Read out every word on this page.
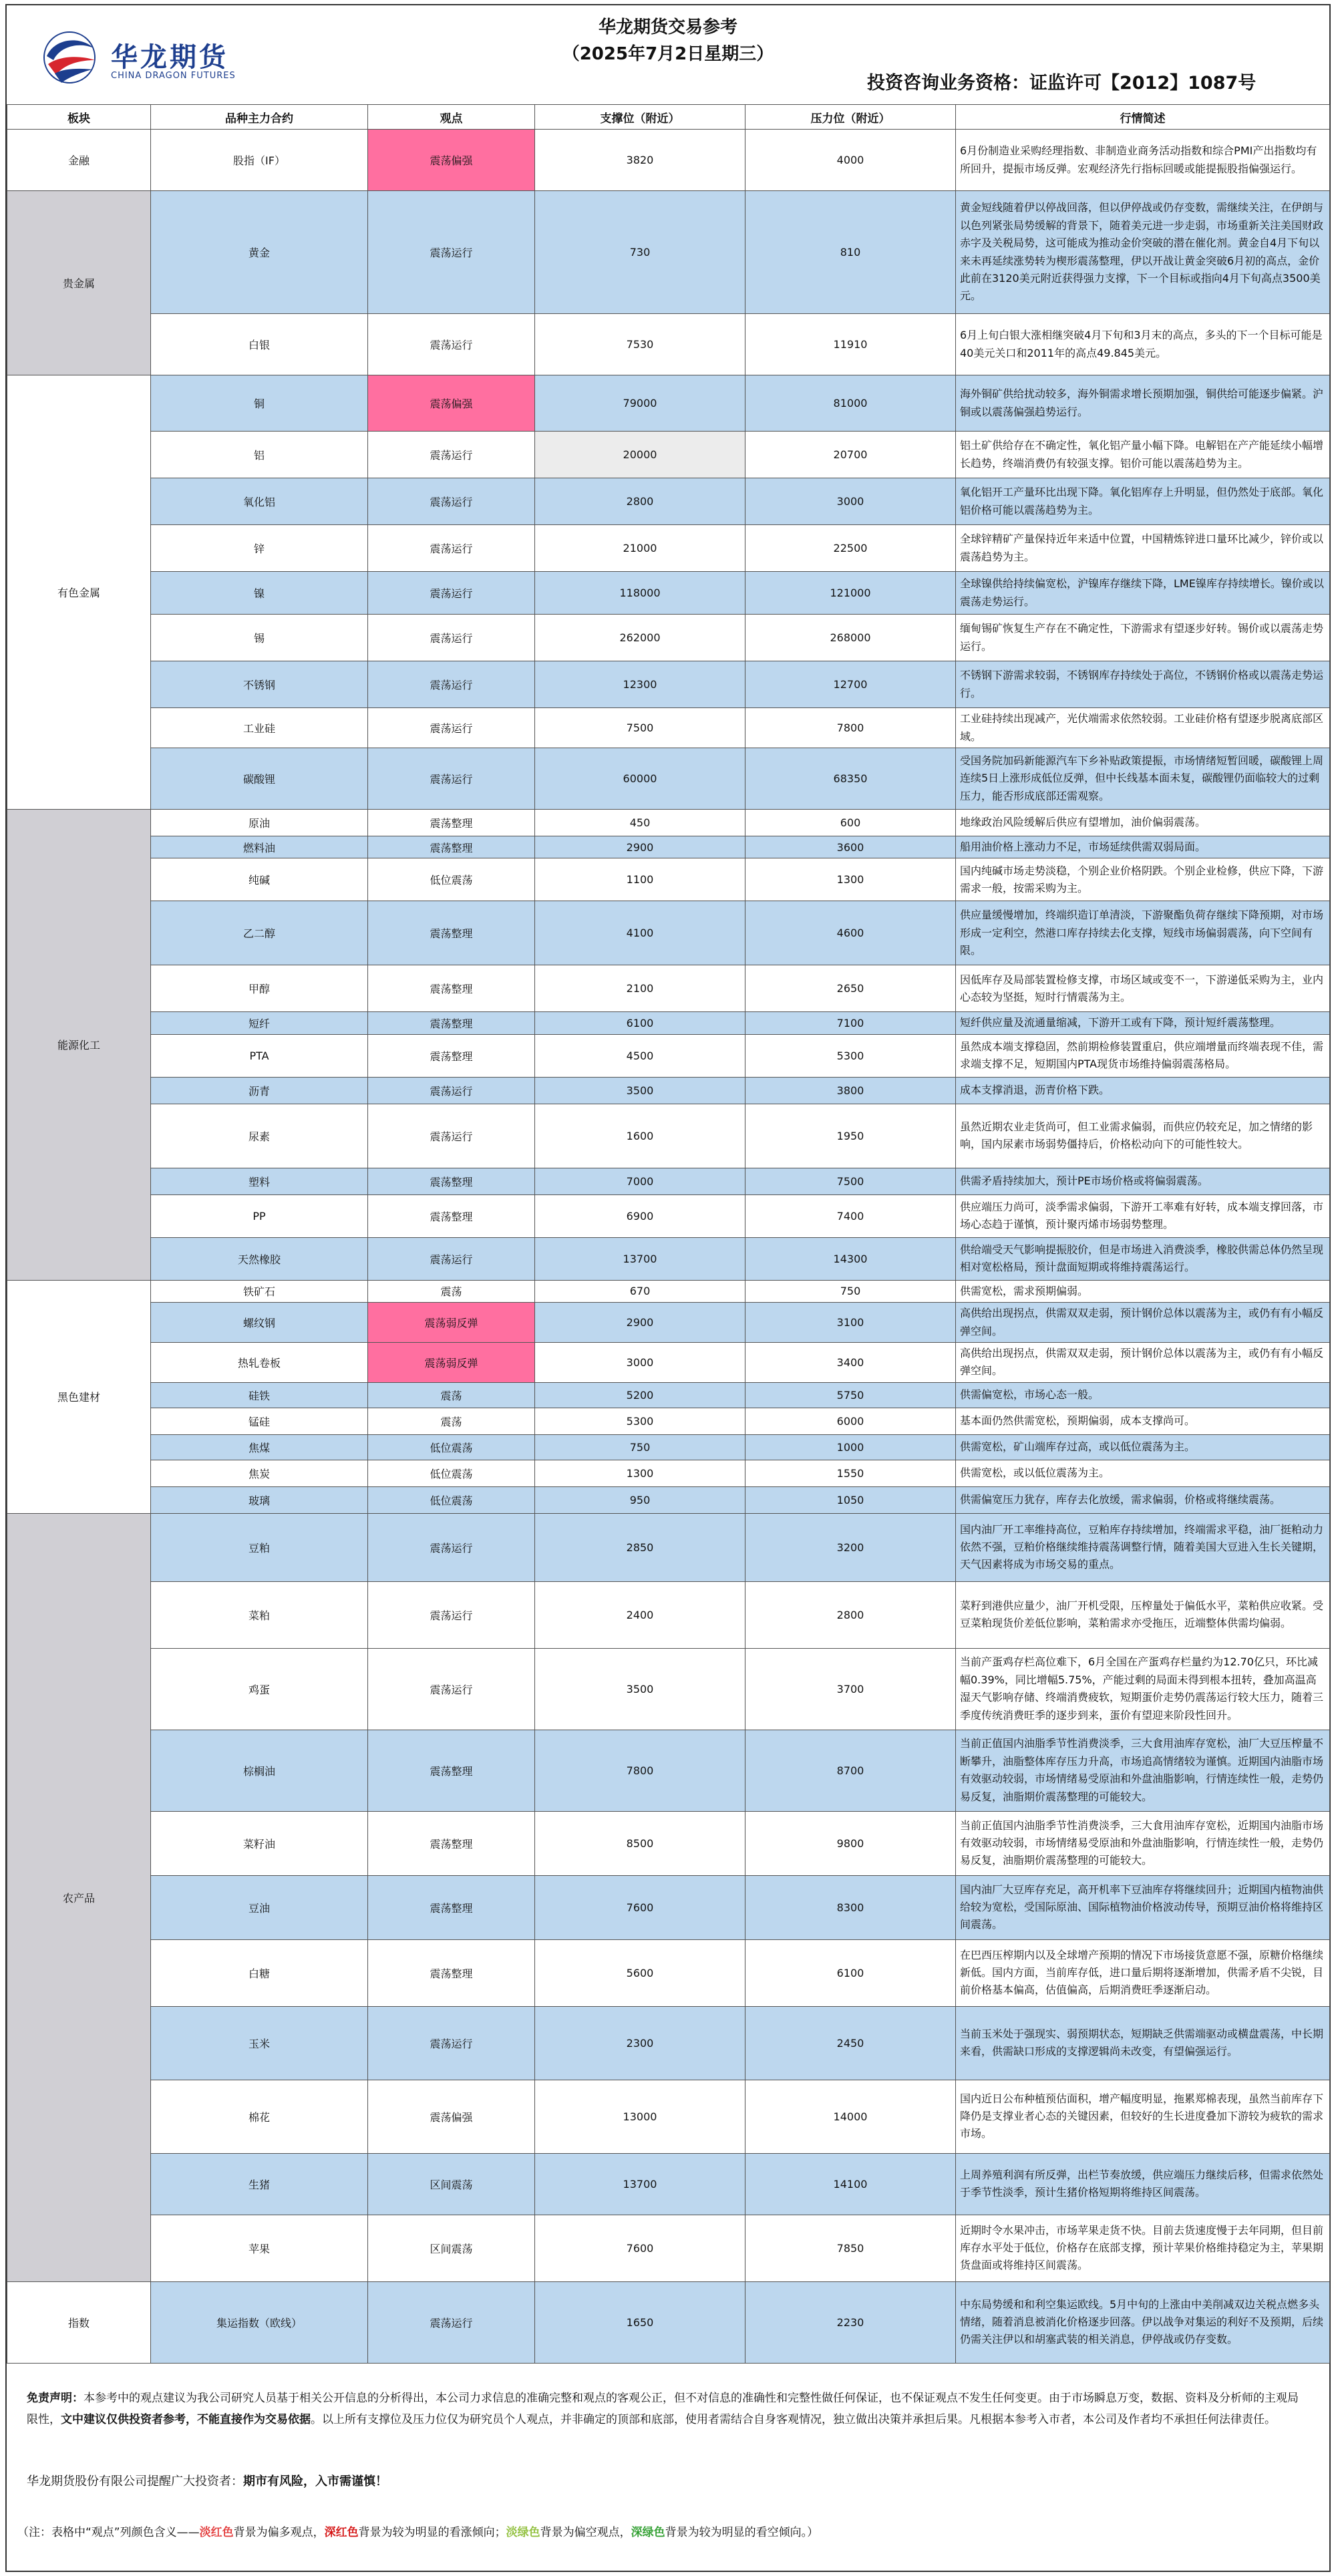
华龙期货
CHINA DRAGON FUTURES
华龙期货交易参考
（2025年7月2日星期三）
投资咨询业务资格：证监许可【2012】1087号
板块	品种主力合约	观点	支撑位（附近）	压力位（附近）	行情简述
金融	股指（IF）	震荡偏强	3820	4000	6月份制造业采购经理指数、非制造业商务活动指数和综合PMI产出指数均有所回升，提振市场反弹。宏观经济先行指标回暖或能提振股指偏强运行。
贵金属	黄金	震荡运行	730	810	黄金短线随着伊以停战回落，但以伊停战或仍存变数，需继续关注，在伊朗与以色列紧张局势缓解的背景下，随着美元进一步走弱，市场重新关注美国财政赤字及关税局势，这可能成为推动金价突破的潜在催化剂。黄金自4月下旬以来未再延续涨势转为楔形震荡整理，伊以开战让黄金突破6月初的高点，金价此前在3120美元附近获得强力支撑，下一个目标或指向4月下旬高点3500美元。
	白银	震荡运行	7530	11910	6月上旬白银大涨相继突破4月下旬和3月末的高点，多头的下一个目标可能是40美元关口和2011年的高点49.845美元。
有色金属	铜	震荡偏强	79000	81000	海外铜矿供给扰动较多，海外铜需求增长预期加强，铜供给可能逐步偏紧。沪铜或以震荡偏强趋势运行。
	铝	震荡运行	20000	20700	铝土矿供给存在不确定性，氧化铝产量小幅下降。电解铝在产产能延续小幅增长趋势，终端消费仍有较强支撑。铝价可能以震荡趋势为主。
	氧化铝	震荡运行	2800	3000	氧化铝开工产量环比出现下降。氧化铝库存上升明显，但仍然处于底部。氧化铝价格可能以震荡趋势为主。
	锌	震荡运行	21000	22500	全球锌精矿产量保持近年来适中位置，中国精炼锌进口量环比减少，锌价或以震荡趋势为主。
	镍	震荡运行	118000	121000	全球镍供给持续偏宽松，沪镍库存继续下降，LME镍库存持续增长。镍价或以震荡走势运行。
	锡	震荡运行	262000	268000	缅甸锡矿恢复生产存在不确定性，下游需求有望逐步好转。锡价或以震荡走势运行。
	不锈钢	震荡运行	12300	12700	不锈钢下游需求较弱，不锈钢库存持续处于高位，不锈钢价格或以震荡走势运行。
	工业硅	震荡运行	7500	7800	工业硅持续出现减产，光伏端需求依然较弱。工业硅价格有望逐步脱离底部区域。
	碳酸锂	震荡运行	60000	68350	受国务院加码新能源汽车下乡补贴政策提振，市场情绪短暂回暖，碳酸锂上周连续5日上涨形成低位反弹，但中长线基本面未复，碳酸锂仍面临较大的过剩压力，能否形成底部还需观察。
能源化工	原油	震荡整理	450	600	地缘政治风险缓解后供应有望增加，油价偏弱震荡。
	燃料油	震荡整理	2900	3600	船用油价格上涨动力不足，市场延续供需双弱局面。
	纯碱	低位震荡	1100	1300	国内纯碱市场走势淡稳，个别企业价格阴跌。个别企业检修，供应下降，下游需求一般，按需采购为主。
	乙二醇	震荡整理	4100	4600	供应量缓慢增加，终端织造订单清淡，下游聚酯负荷存继续下降预期，对市场形成一定利空，然港口库存持续去化支撑，短线市场偏弱震荡，向下空间有限。
	甲醇	震荡整理	2100	2650	因低库存及局部装置检修支撑，市场区域或变不一，下游递低采购为主，业内心态较为坚挺，短时行情震荡为主。
	短纤	震荡整理	6100	7100	短纤供应量及流通量缩减，下游开工或有下降，预计短纤震荡整理。
	PTA	震荡整理	4500	5300	虽然成本端支撑稳固，然前期检修装置重启，供应端增量而终端表现不佳，需求端支撑不足，短期国内PTA现货市场维持偏弱震荡格局。
	沥青	震荡运行	3500	3800	成本支撑消退，沥青价格下跌。
	尿素	震荡运行	1600	1950	虽然近期农业走货尚可，但工业需求偏弱，而供应仍较充足，加之情绪的影响，国内尿素市场弱势僵持后，价格松动向下的可能性较大。
	塑料	震荡整理	7000	7500	供需矛盾持续加大，预计PE市场价格或将偏弱震荡。
	PP	震荡整理	6900	7400	供应端压力尚可，淡季需求偏弱，下游开工率难有好转，成本端支撑回落，市场心态趋于谨慎，预计聚丙烯市场弱势整理。
	天然橡胶	震荡运行	13700	14300	供给端受天气影响提振胶价，但是市场进入消费淡季，橡胶供需总体仍然呈现相对宽松格局，预计盘面短期或将维持震荡运行。
黑色建材	铁矿石	震荡	670	750	供需宽松，需求预期偏弱。
	螺纹钢	震荡弱反弹	2900	3100	高供给出现拐点，供需双双走弱，预计钢价总体以震荡为主，或仍有有小幅反弹空间。
	热轧卷板	震荡弱反弹	3000	3400	高供给出现拐点，供需双双走弱，预计钢价总体以震荡为主，或仍有有小幅反弹空间。
	硅铁	震荡	5200	5750	供需偏宽松，市场心态一般。
	锰硅	震荡	5300	6000	基本面仍然供需宽松，预期偏弱，成本支撑尚可。
	焦煤	低位震荡	750	1000	供需宽松，矿山端库存过高，或以低位震荡为主。
	焦炭	低位震荡	1300	1550	供需宽松，或以低位震荡为主。
	玻璃	低位震荡	950	1050	供需偏宽压力犹存，库存去化放缓，需求偏弱，价格或将继续震荡。
农产品	豆粕	震荡运行	2850	3200	国内油厂开工率维持高位，豆粕库存持续增加，终端需求平稳，油厂挺粕动力依然不强，豆粕价格继续维持震荡调整行情，随着美国大豆进入生长关键期，天气因素将成为市场交易的重点。
	菜粕	震荡运行	2400	2800	菜籽到港供应量少，油厂开机受限，压榨量处于偏低水平，菜粕供应收紧。受豆菜粕现货价差低位影响，菜粕需求亦受拖压，近端整体供需均偏弱。
	鸡蛋	震荡运行	3500	3700	当前产蛋鸡存栏高位难下，6月全国在产蛋鸡存栏量约为12.70亿只，环比减幅0.39%，同比增幅5.75%，产能过剩的局面未得到根本扭转，叠加高温高湿天气影响存储、终端消费疲软，短期蛋价走势仍震荡运行较大压力，随着三季度传统消费旺季的逐步到来，蛋价有望迎来阶段性回升。
	棕榈油	震荡整理	7800	8700	当前正值国内油脂季节性消费淡季，三大食用油库存宽松，油厂大豆压榨量不断攀升，油脂整体库存压力升高，市场追高情绪较为谨慎。近期国内油脂市场有效驱动较弱，市场情绪易受原油和外盘油脂影响，行情连续性一般，走势仍易反复，油脂期价震荡整理的可能较大。
	菜籽油	震荡整理	8500	9800	当前正值国内油脂季节性消费淡季，三大食用油库存宽松，近期国内油脂市场有效驱动较弱，市场情绪易受原油和外盘油脂影响，行情连续性一般，走势仍易反复，油脂期价震荡整理的可能较大。
	豆油	震荡整理	7600	8300	国内油厂大豆库存充足，高开机率下豆油库存将继续回升；近期国内植物油供给较为宽松，受国际原油、国际植物油价格波动传导，预期豆油价格将维持区间震荡。
	白糖	震荡整理	5600	6100	在巴西压榨期内以及全球增产预期的情况下市场接货意愿不强，原糖价格继续新低。国内方面，当前库存低，进口量后期将逐渐增加，供需矛盾不尖锐，目前价格基本偏高，估值偏高，后期消费旺季逐渐启动。
	玉米	震荡运行	2300	2450	当前玉米处于强现实、弱预期状态，短期缺乏供需端驱动或横盘震荡，中长期来看，供需缺口形成的支撑逻辑尚未改变，有望偏强运行。
	棉花	震荡偏强	13000	14000	国内近日公布种植预估面积，增产幅度明显，拖累郑棉表现，虽然当前库存下降仍是支撑业者心态的关键因素，但较好的生长进度叠加下游较为疲软的需求市场。
	生猪	区间震荡	13700	14100	上周养殖利润有所反弹，出栏节奏放缓，供应端压力继续后移，但需求依然处于季节性淡季，预计生猪价格短期将维持区间震荡。
	苹果	区间震荡	7600	7850	近期时令水果冲击，市场苹果走货不快。目前去货速度慢于去年同期，但目前库存水平处于低位，价格存在底部支撑，预计苹果价格维持稳定为主，苹果期货盘面或将维持区间震荡。
指数	集运指数（欧线）	震荡运行	1650	2230	中东局势缓和和利空集运欧线。5月中旬的上涨由中美削减双边关税点燃多头情绪，随着消息被消化价格逐步回落。伊以战争对集运的利好不及预期，后续仍需关注伊以和胡塞武装的相关消息，伊停战或仍存变数。
免责声明：本参考中的观点建议为我公司研究人员基于相关公开信息的分析得出，本公司力求信息的准确完整和观点的客观公正，但不对信息的准确性和完整性做任何保证，也不保证观点不发生任何变更。由于市场瞬息万变，数据、资料及分析师的主观局限性，文中建议仅供投资者参考，不能直接作为交易依据。以上所有支撑位及压力位仅为研究员个人观点，并非确定的顶部和底部，使用者需结合自身客观情况，独立做出决策并承担后果。凡根据本参考入市者，本公司及作者均不承担任何法律责任。
华龙期货股份有限公司提醒广大投资者：期市有风险，入市需谨慎！
（注：表格中“观点”列颜色含义——淡红色背景为偏多观点，深红色背景为较为明显的看涨倾向；淡绿色背景为偏空观点，深绿色背景为较为明显的看空倾向。）
